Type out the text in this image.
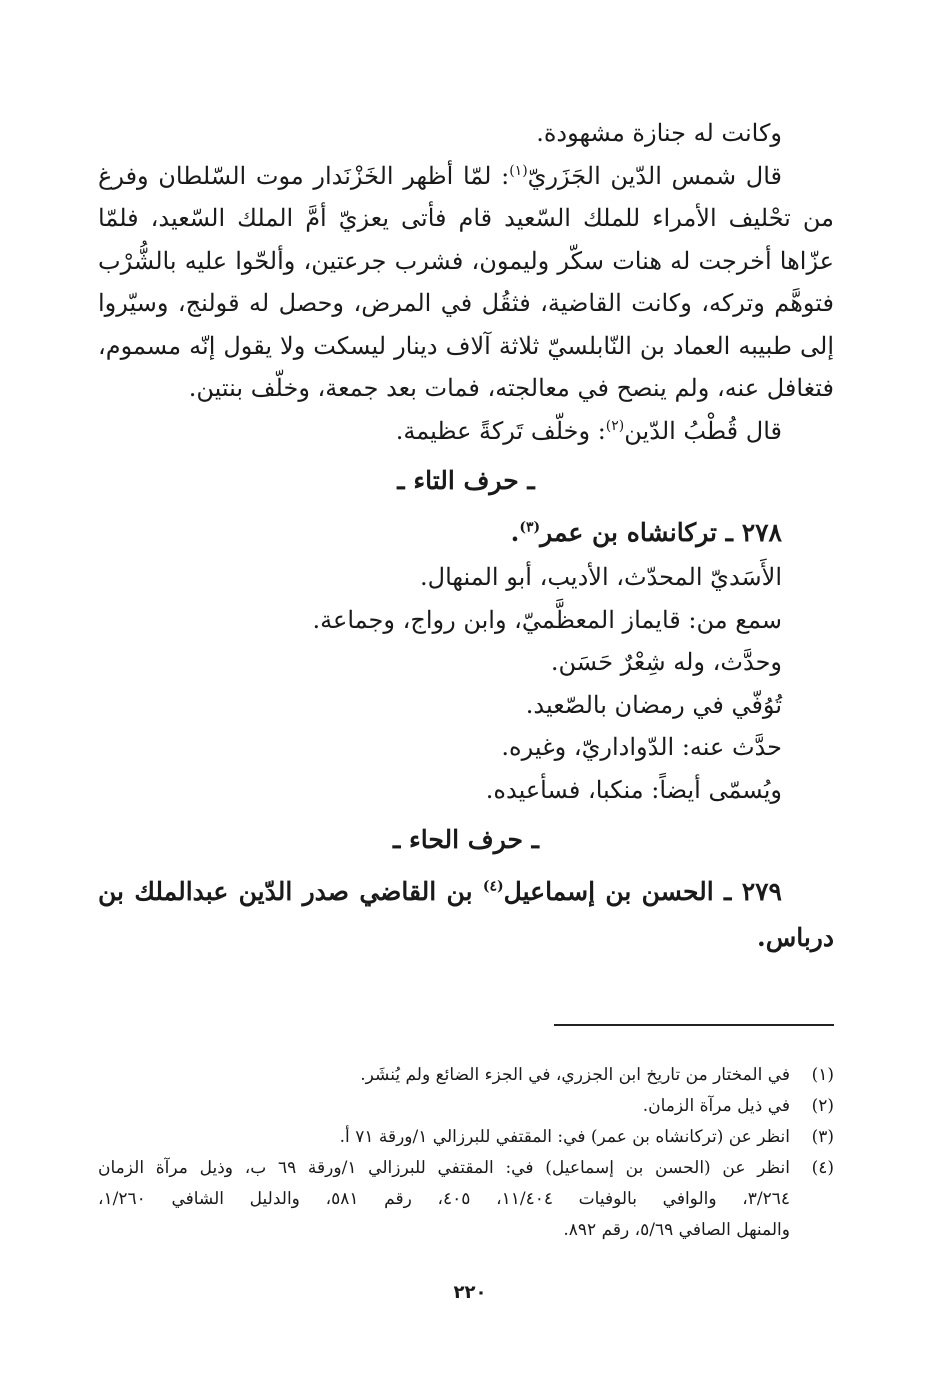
وكانت له جنازة مشهودة.
قال شمس الدّين الجَزَريّ$^{(١)}$: لمّا أظهر الخَزْنَدار موت السّلطان وفرغ
من تحْليف الأمراء للملك السّعيد قام فأتى يعزيّ أمَّ الملك السّعيد، فلمّا
عزّاها أخرجت له هنات سكّر وليمون، فشرب جرعتين، وألحّوا عليه بالشُّرْب
فتوهَّم وتركه، وكانت القاضية، فثقُل في المرض، وحصل له قولنج، وسيّروا
إلى طبيبه العماد بن النّابلسيّ ثلاثة آلاف دينار ليسكت ولا يقول إنّه مسموم،
فتغافل عنه، ولم ينصح في معالجته، فمات بعد جمعة، وخلّف بنتين.
قال قُطْبُ الدّين$^{(٢)}$: وخلّف تَركةً عظيمة.
ـ حرف التاء ـ
٢٧٨ ـ تركانشاه بن عمر$^{(٣)}$.
الأَسَديّ المحدّث، الأديب، أبو المنهال.
سمع من: قايماز المعظَّميّ، وابن رواج، وجماعة.
وحدَّث، وله شِعْرٌ حَسَن.
تُوُفّي في رمضان بالصّعيد.
حدَّث عنه: الدّواداريّ، وغيره.
ويُسمّى أيضاً: منكبا، فسأعيده.
ـ حرف الحاء ـ
٢٧٩ ـ الحسن بن إسماعيل$^{(٤)}$ بن القاضي صدر الدّين عبدالملك بن
درباس.
(١)
في المختار من تاريخ ابن الجزري، في الجزء الضائع ولم يُنشَر.
(٢)
في ذيل مرآة الزمان.
(٣)
انظر عن (تركانشاه بن عمر) في: المقتفي للبرزالي ١/ورقة ٧١ أ.
(٤)
انظر عن (الحسن بن إسماعيل) في: المقتفي للبرزالي ١/ورقة ٦٩ ب، وذيل مرآة الزمان
٣/٢٦٤، والوافي بالوفيات ١١/٤٠٤، ٤٠٥، رقم ٥٨١، والدليل الشافي ١/٢٦٠،
والمنهل الصافي ٥/٦٩، رقم ٨٩٢.
٢٢٠
